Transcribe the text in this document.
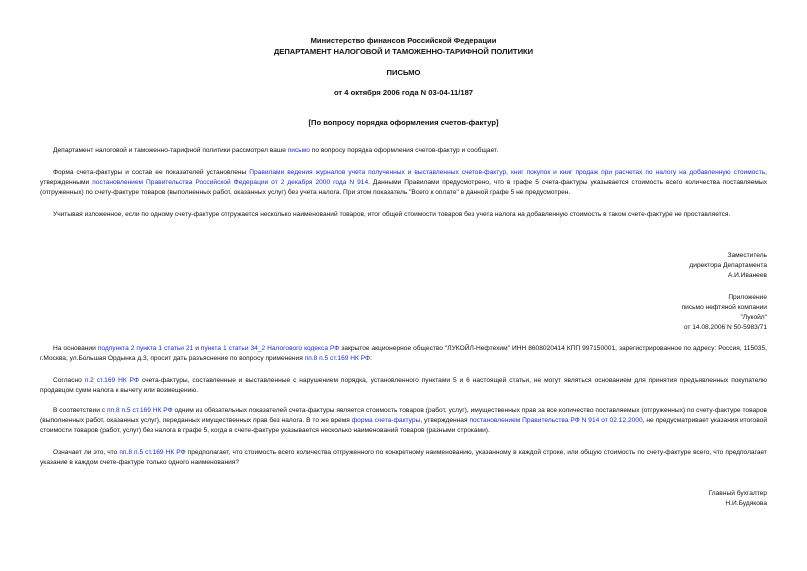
Министерство финансов Российской Федерации
ДЕПАРТАМЕНТ НАЛОГОВОЙ И ТАМОЖЕННО-ТАРИФНОЙ ПОЛИТИКИ
ПИСЬМО
от 4 октября 2006 года N 03-04-11/187
[По вопросу порядка оформления счетов-фактур]
Департамент налоговой и таможенно-тарифной политики рассмотрел ваше письмо по вопросу порядка оформления счетов-фактур и сообщает.
Форма счета-фактуры и состав ее показателей установлены Правилами ведения журналов учета полученных и выставленных счетов-фактур, книг покупок и книг продаж при расчетах по налогу на добавленную стоимость, утвержденными постановлением Правительства Российской Федерации от 2 декабря 2000 года N 914. Данными Правилами предусмотрено, что в графе 5 счета-фактуры указывается стоимость всего количества поставляемых (отгруженных) по счету-фактуре товаров (выполненных работ, оказанных услуг) без учета налога. При этом показатель "Всего к оплате" в данной графе 5 не предусмотрен.
Учитывая изложенное, если по одному счету-фактуре отгружается несколько наименований товаров, итог общей стоимости товаров без учета налога на добавленную стоимость в таком счете-фактуре не проставляется.
Заместитель
директора Департамента
А.И.Иванеев
Приложение
письмо нефтяной компании
"Лукойл"
от 14.08.2006 N 50-5983/71
На основании подпункта 2 пункта 1 статьи 21 и пункта 1 статьи 34_2 Налогового кодекса РФ закрытое акционерное общество "ЛУКОЙЛ-Нефтехим" ИНН 8608020414 КПП 997150001, зарегистрированное по адресу: Россия, 115035, г.Москва, ул.Большая Ордынка д.3, просит дать разъяснение по вопросу применения пп.8 п.5 ст.169 НК РФ:
Согласно п.2 ст.169 НК РФ счета-фактуры, составленные и выставленные с нарушением порядка, установленного пунктами 5 и 6 настоящей статьи, не могут являться основанием для принятия предъявленных покупателю продавцом сумм налога к вычету или возмещению.
В соответствии с пп.8 п.5 ст.169 НК РФ одним из обязательных показателей счета-фактуры является стоимость товаров (работ, услуг), имущественных прав за все количество поставляемых (отгруженных) по счету-фактуре товаров (выполненных работ, оказанных услуг), переданных имущественных прав без налога. В то же время форма счета-фактуры, утвержденная постановлением Правительства РФ N 914 от 02.12.2000, не предусматривает указания итоговой стоимости товаров (работ, услуг) без налога в графе 5, когда в счете-фактуре указывается несколько наименований товаров (разными строками).
Означает ли это, что пп.8 п.5 ст.169 НК РФ предполагает, что стоимость всего количества отгруженного по конкретному наименованию, указанному в каждой строке, или общую стоимость по счету-фактуре всего, что предполагает указание в каждом счете-фактуре только одного наименования?
Главный бухгалтер
Н.И.Будякова
